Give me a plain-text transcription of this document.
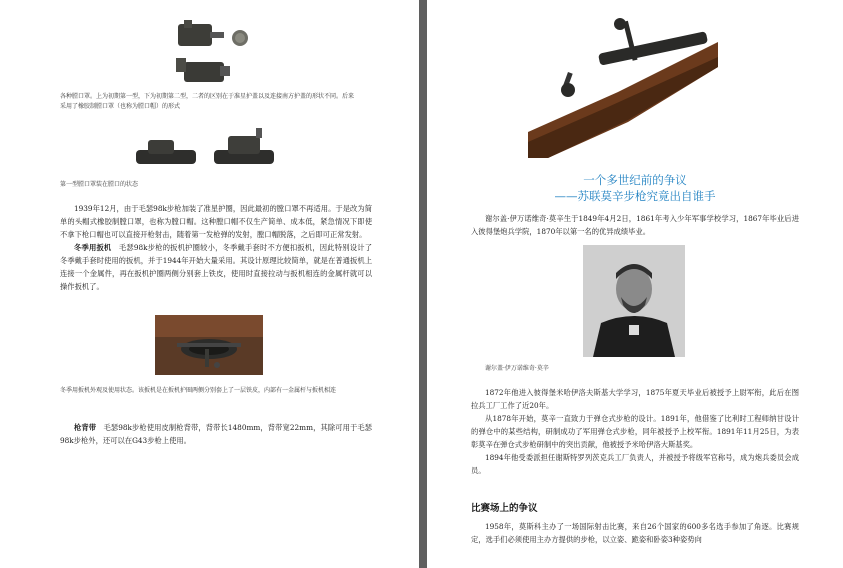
各种膛口罩。上为初期第一型，下为初期第二型，二者的区别在于准星护盖以及连接南方护盖的形状不同。后来采用了橡胶制膛口罩（也称为膛口帽）的形式
第一型膛口罩装在膛口的状态

1939年12月，由于毛瑟98k步枪加装了准星护圈，因此最初的膛口罩不再适用。于是改为简单的头帽式橡胶制膛口罩，也称为膛口帽。这种膛口帽不仅生产简单、成本低，紧急情况下即使不拿下枪口帽也可以直接开枪射击，随着第一发枪弹的发射，膛口帽脱落，之后即可正常发射。

冬季用扳机　 毛瑟98k步枪的扳机护圈较小，冬季戴手套时不方便扣扳机，因此特别设计了冬季戴手套时使用的扳机，并于1944年开始大量采用。其设计原理比较简单，就是在普通扳机上连接一个金属件，再在扳机护圈两侧分别套上铁皮，使用时直接拉动与扳机相连的金属杆就可以操作扳机了。

冬季用扳机外观及使用状态。该扳机是在扳机护圈两侧分别套上了一层铁皮，内部有一金属杆与扳机相连

枪背带　 毛瑟98k步枪使用皮制枪背带，背带长1480mm，背带宽22mm，其除可用于毛瑟98k步枪外，还可以在G43步枪上使用。

一个多世纪前的争议
——苏联莫辛步枪究竟出自谁手

谢尔盖·伊万诺维奇·莫辛生于1849年4月2日，1861年考入少年军事学校学习，1867年毕业后进入彼得堡炮兵学院，1870年以第一名的优异成绩毕业。

谢尔盖·伊万诺维奇·莫辛

1872年他进入彼得堡米哈伊洛夫斯基大学学习，1875年夏天毕业后被授予上尉军衔，此后在图拉兵工厂工作了近20年。

从1878年开始，莫辛一直致力于弹仓式步枪的设计。1891年，他借鉴了比利时工程师纳甘设计的弹仓中的某些结构，研制成功了军用弹仓式步枪，同年被授予上校军衔。1891年11月25日，为表彰莫辛在弹仓式步枪研制中的突出贡献，他被授予米哈伊洛大斯基奖。

1894年他受委派担任谢斯特罗列茨克兵工厂负责人，并被授予将级军官称号，成为炮兵委员会成员。

比赛场上的争议

1958年，莫斯科主办了一场国际射击比赛，来自26个国家的600多名选手参加了角逐。比赛规定，选手们必须使用主办方提供的步枪，以立姿、跪姿和卧姿3种姿势向
